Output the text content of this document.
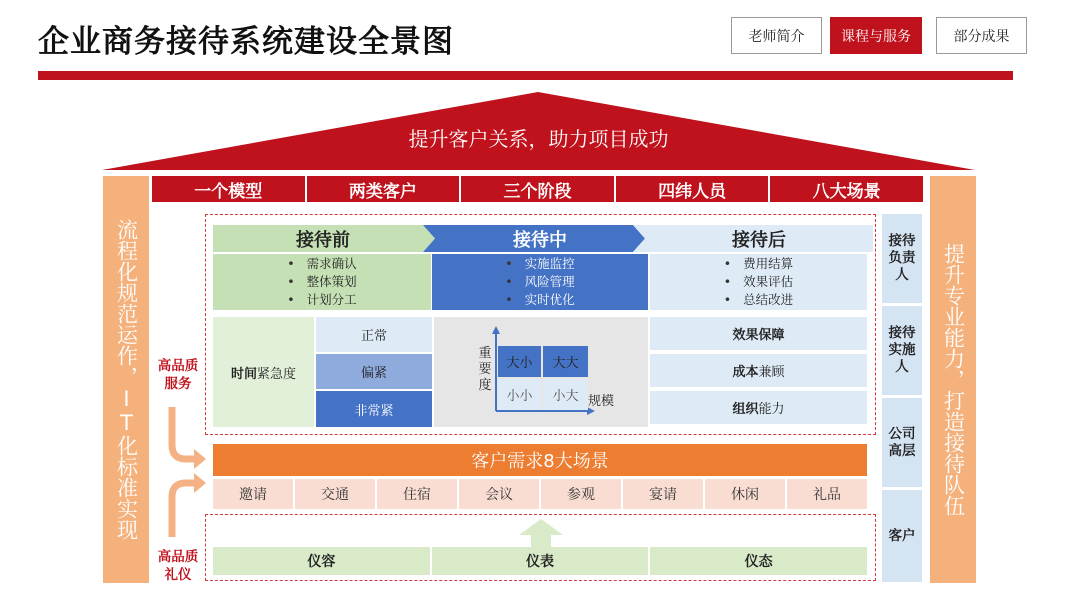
企业商务接待系统建设全景图	老师简介	课程与服务	部分成果
提升客户关系，助力项目成功
流程化规范运作，IT化标准实现	提升专业能力，打造接待队伍
一个模型	两类客户	三个阶段	四纬人员	八大场景
接待前	接待中	接待后
• 需求确认
• 整体策划
• 计划分工
• 实施监控
• 风险管理
• 实时优化
• 费用结算
• 效果评估
• 总结改进
时间 紧急度
正常
偏紧
非常紧
重要度
大小	大大
小小	小大 规模
效果 保障
成本 兼顾
组织 能力
高品质
服务
高品质
礼仪
客户需求8大场景
邀请	交通	住宿	会议	参观	宴请	休闲	礼品
仪容	仪表	仪态
接待负责人
接待实施人
公司高层
客户
